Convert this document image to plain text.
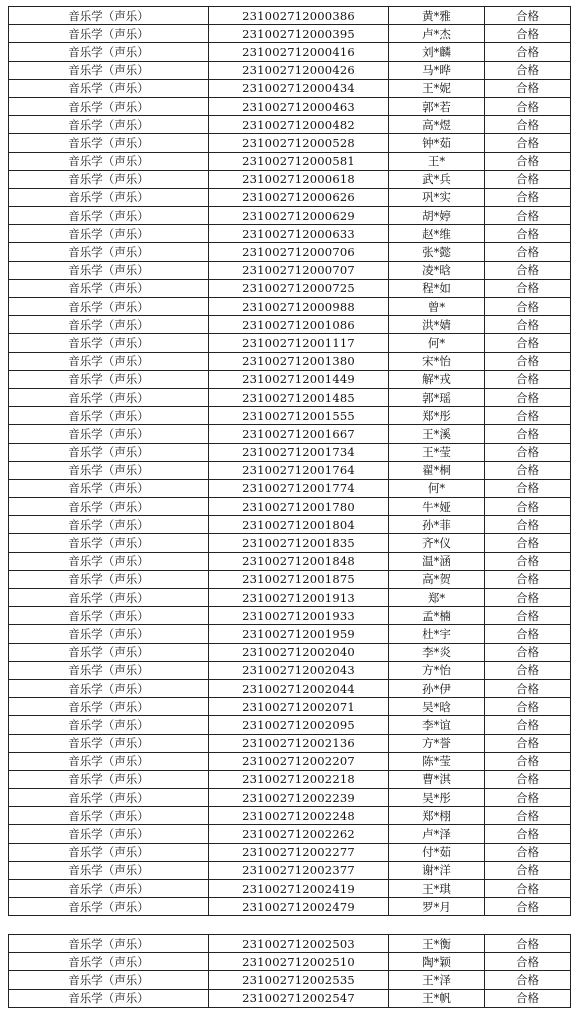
音乐学（声乐）	231002712000386	黄*雅	合格
音乐学（声乐）	231002712000395	卢*杰	合格
音乐学（声乐）	231002712000416	刘*麟	合格
音乐学（声乐）	231002712000426	马*晔	合格
音乐学（声乐）	231002712000434	王*妮	合格
音乐学（声乐）	231002712000463	郭*若	合格
音乐学（声乐）	231002712000482	高*煜	合格
音乐学（声乐）	231002712000528	钟*茹	合格
音乐学（声乐）	231002712000581	王*	合格
音乐学（声乐）	231002712000618	武*兵	合格
音乐学（声乐）	231002712000626	巩*实	合格
音乐学（声乐）	231002712000629	胡*婷	合格
音乐学（声乐）	231002712000633	赵*维	合格
音乐学（声乐）	231002712000706	张*懿	合格
音乐学（声乐）	231002712000707	凌*晗	合格
音乐学（声乐）	231002712000725	程*如	合格
音乐学（声乐）	231002712000988	曾*	合格
音乐学（声乐）	231002712001086	洪*婧	合格
音乐学（声乐）	231002712001117	何*	合格
音乐学（声乐）	231002712001380	宋*怡	合格
音乐学（声乐）	231002712001449	解*戎	合格
音乐学（声乐）	231002712001485	郭*瑶	合格
音乐学（声乐）	231002712001555	郑*彤	合格
音乐学（声乐）	231002712001667	王*溪	合格
音乐学（声乐）	231002712001734	王*莹	合格
音乐学（声乐）	231002712001764	翟*桐	合格
音乐学（声乐）	231002712001774	何*	合格
音乐学（声乐）	231002712001780	牛*娅	合格
音乐学（声乐）	231002712001804	孙*菲	合格
音乐学（声乐）	231002712001835	齐*仪	合格
音乐学（声乐）	231002712001848	温*涵	合格
音乐学（声乐）	231002712001875	高*贺	合格
音乐学（声乐）	231002712001913	郑*	合格
音乐学（声乐）	231002712001933	孟*楠	合格
音乐学（声乐）	231002712001959	杜*宇	合格
音乐学（声乐）	231002712002040	李*炎	合格
音乐学（声乐）	231002712002043	方*怡	合格
音乐学（声乐）	231002712002044	孙*伊	合格
音乐学（声乐）	231002712002071	吴*晗	合格
音乐学（声乐）	231002712002095	李*谊	合格
音乐学（声乐）	231002712002136	方*誉	合格
音乐学（声乐）	231002712002207	陈*莹	合格
音乐学（声乐）	231002712002218	曹*淇	合格
音乐学（声乐）	231002712002239	吴*彤	合格
音乐学（声乐）	231002712002248	郑*栩	合格
音乐学（声乐）	231002712002262	卢*泽	合格
音乐学（声乐）	231002712002277	付*茹	合格
音乐学（声乐）	231002712002377	谢*洋	合格
音乐学（声乐）	231002712002419	王*琪	合格
音乐学（声乐）	231002712002479	罗*月	合格
音乐学（声乐）	231002712002503	王*衡	合格
音乐学（声乐）	231002712002510	陶*颖	合格
音乐学（声乐）	231002712002535	王*泽	合格
音乐学（声乐）	231002712002547	王*帆	合格
